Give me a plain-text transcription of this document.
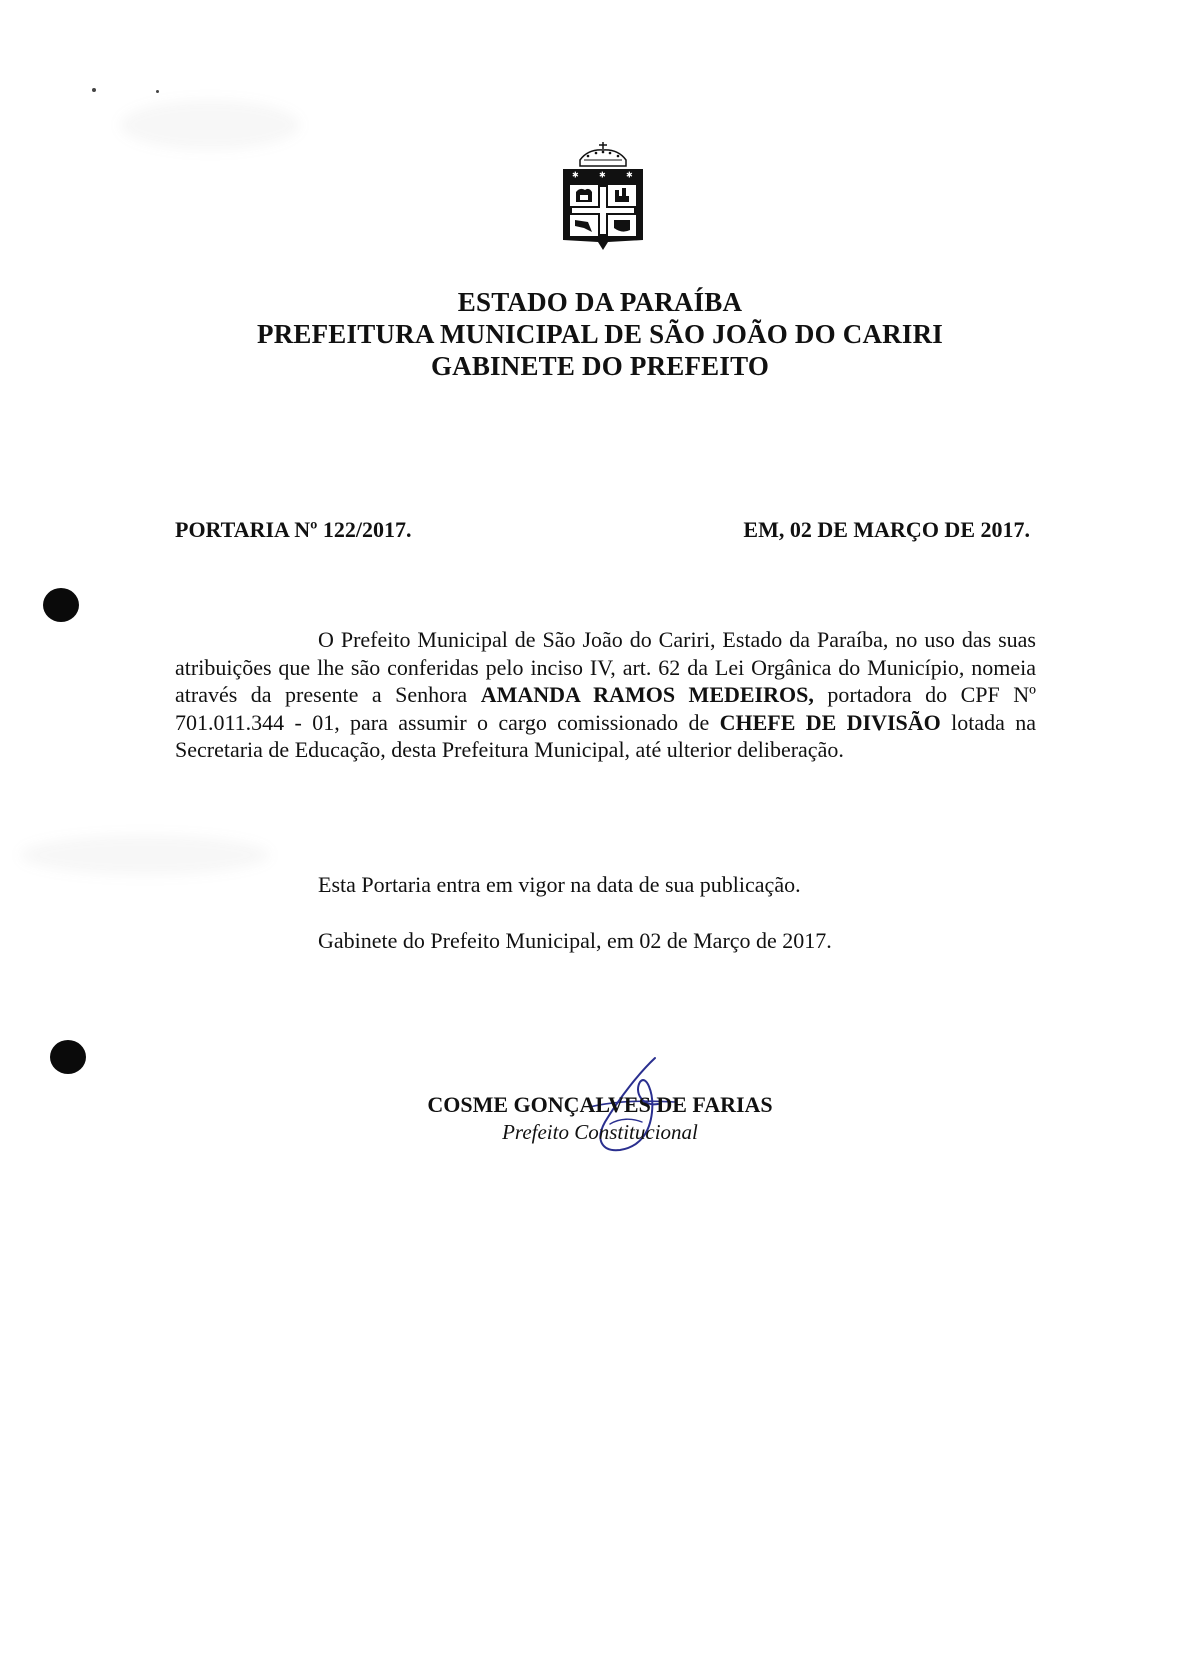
✱	✱	✱
ESTADO DA PARAÍBA
PREFEITURA MUNICIPAL DE SÃO JOÃO DO CARIRI
GABINETE DO PREFEITO
PORTARIA Nº 122/2017.	EM, 02 DE MARÇO DE 2017.
O Prefeito Municipal de São João do Cariri, Estado da Paraíba, no uso das suas atribuições que lhe são conferidas pelo inciso IV, art. 62 da Lei Orgânica do Município, nomeia através da presente a Senhora AMANDA RAMOS MEDEIROS, portadora do CPF Nº 701.011.344 - 01, para assumir o cargo comissionado de CHEFE DE DIVISÃO lotada na Secretaria de Educação, desta Prefeitura Municipal, até ulterior deliberação.
Esta Portaria entra em vigor na data de sua publicação.
Gabinete do Prefeito Municipal, em 02 de Março de 2017.
COSME GONÇALVES DE FARIAS
Prefeito Constitucional
